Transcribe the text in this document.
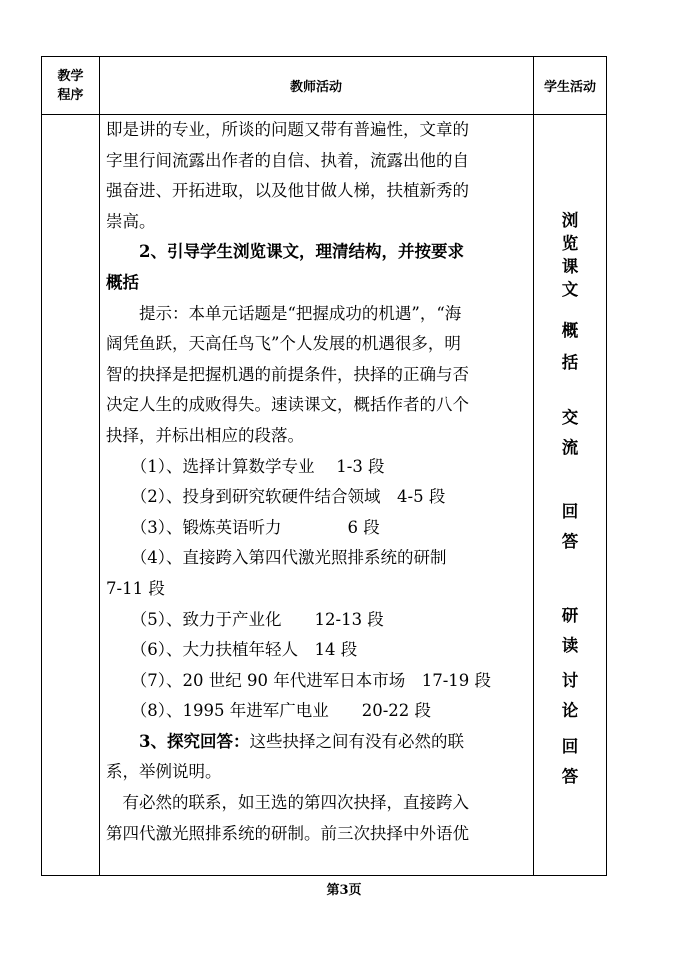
教学
程序	教师活动	学生活动
即是讲的专业，所谈的问题又带有普遍性，文章的
字里行间流露出作者的自信、执着，流露出他的自
强奋进、开拓进取，以及他甘做人梯，扶植新秀的
崇高。
　　2、引导学生浏览课文，理清结构，并按要求
概括
　　提示：本单元话题是“把握成功的机遇”，“海
阔凭鱼跃，天高任鸟飞”个人发展的机遇很多，明
智的抉择是把握机遇的前提条件，抉择的正确与否
决定人生的成败得失。速读课文，概括作者的八个
抉择，并标出相应的段落。
　　（1）、选择计算数学专业　 1-3 段
　　（2）、投身到研究软硬件结合领域　4-5 段
　　（3）、锻炼英语听力　　　　6 段
　　（4）、直接跨入第四代激光照排系统的研制
7-11 段
　　（5）、致力于产业化　　12-13 段
　　（6）、大力扶植年轻人　14 段
　　（7）、20 世纪 90 年代进军日本市场　17-19 段
　　（8）、1995 年进军广电业　　20-22 段
　　3、探究回答：这些抉择之间有没有必然的联
系，举例说明。
　有必然的联系，如王选的第四次抉择，直接跨入
第四代激光照排系统的研制。前三次抉择中外语优
浏
览
课
文
概
括
交
流
回
答
研
读
讨
论
回
答
第3页
